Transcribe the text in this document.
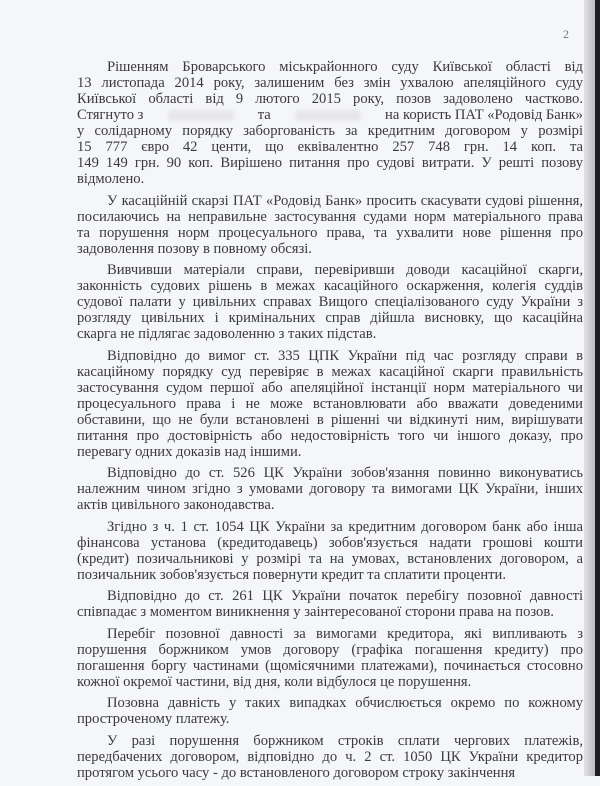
2
Рішенням Броварського міськрайонного суду Київської області від
13 листопада 2014 року, залишеним без змін ухвалою апеляційного суду
Київської області від 9 лютого 2015 року, позов задоволено частково.
Стягнуто з	та	на користь ПАТ «Родовід Банк»
у солідарному порядку заборгованість за кредитним договором у розмірі
15 777 євро 42 центи, що еквівалентно 257 748 грн. 14 коп. та
149 149 грн. 90 коп. Вирішено питання про судові витрати. У решті позову
відмолено.
У касаційній скарзі ПАТ «Родовід Банк» просить скасувати судові рішення,
посилаючись на неправильне застосування судами норм матеріального права
та порушення норм процесуального права, та ухвалити нове рішення про
задоволення позову в повному обсязі.
Вивчивши матеріали справи, перевіривши доводи касаційної скарги,
законність судових рішень в межах касаційного оскарження, колегія суддів
судової палати у цивільних справах Вищого спеціалізованого суду України з
розгляду цивільних і кримінальних справ дійшла висновку, що касаційна
скарга не підлягає задоволенню з таких підстав.
Відповідно до вимог ст. 335 ЦПК України під час розгляду справи в
касаційному порядку суд перевіряє в межах касаційної скарги правильність
застосування судом першої або апеляційної інстанції норм матеріального чи
процесуального права і не може встановлювати або вважати доведеними
обставини, що не були встановлені в рішенні чи відкинуті ним, вирішувати
питання про достовірність або недостовірність того чи іншого доказу, про
перевагу одних доказів над іншими.
Відповідно до ст. 526 ЦК України зобов'язання повинно виконуватись
належним чином згідно з умовами договору та вимогами ЦК України, інших
актів цивільного законодавства.
Згідно з ч. 1 ст. 1054 ЦК України за кредитним договором банк або інша
фінансова установа (кредитодавець) зобов'язується надати грошові кошти
(кредит) позичальникові у розмірі та на умовах, встановлених договором, а
позичальник зобов'язується повернути кредит та сплатити проценти.
Відповідно до ст. 261 ЦК України початок перебігу позовної давності
співпадає з моментом виникнення у заінтересованої сторони права на позов.
Перебіг позовної давності за вимогами кредитора, які випливають з
порушення боржником умов договору (графіка погашення кредиту) про
погашення боргу частинами (щомісячними платежами), починається стосовно
кожної окремої частини, від дня, коли відбулося це порушення.
Позовна давність у таких випадках обчислюється окремо по кожному
простроченому платежу.
У разі порушення боржником строків сплати чергових платежів,
передбачених договором, відповідно до ч. 2 ст. 1050 ЦК України кредитор
протягом усього часу - до встановленого договором строку закінчення
